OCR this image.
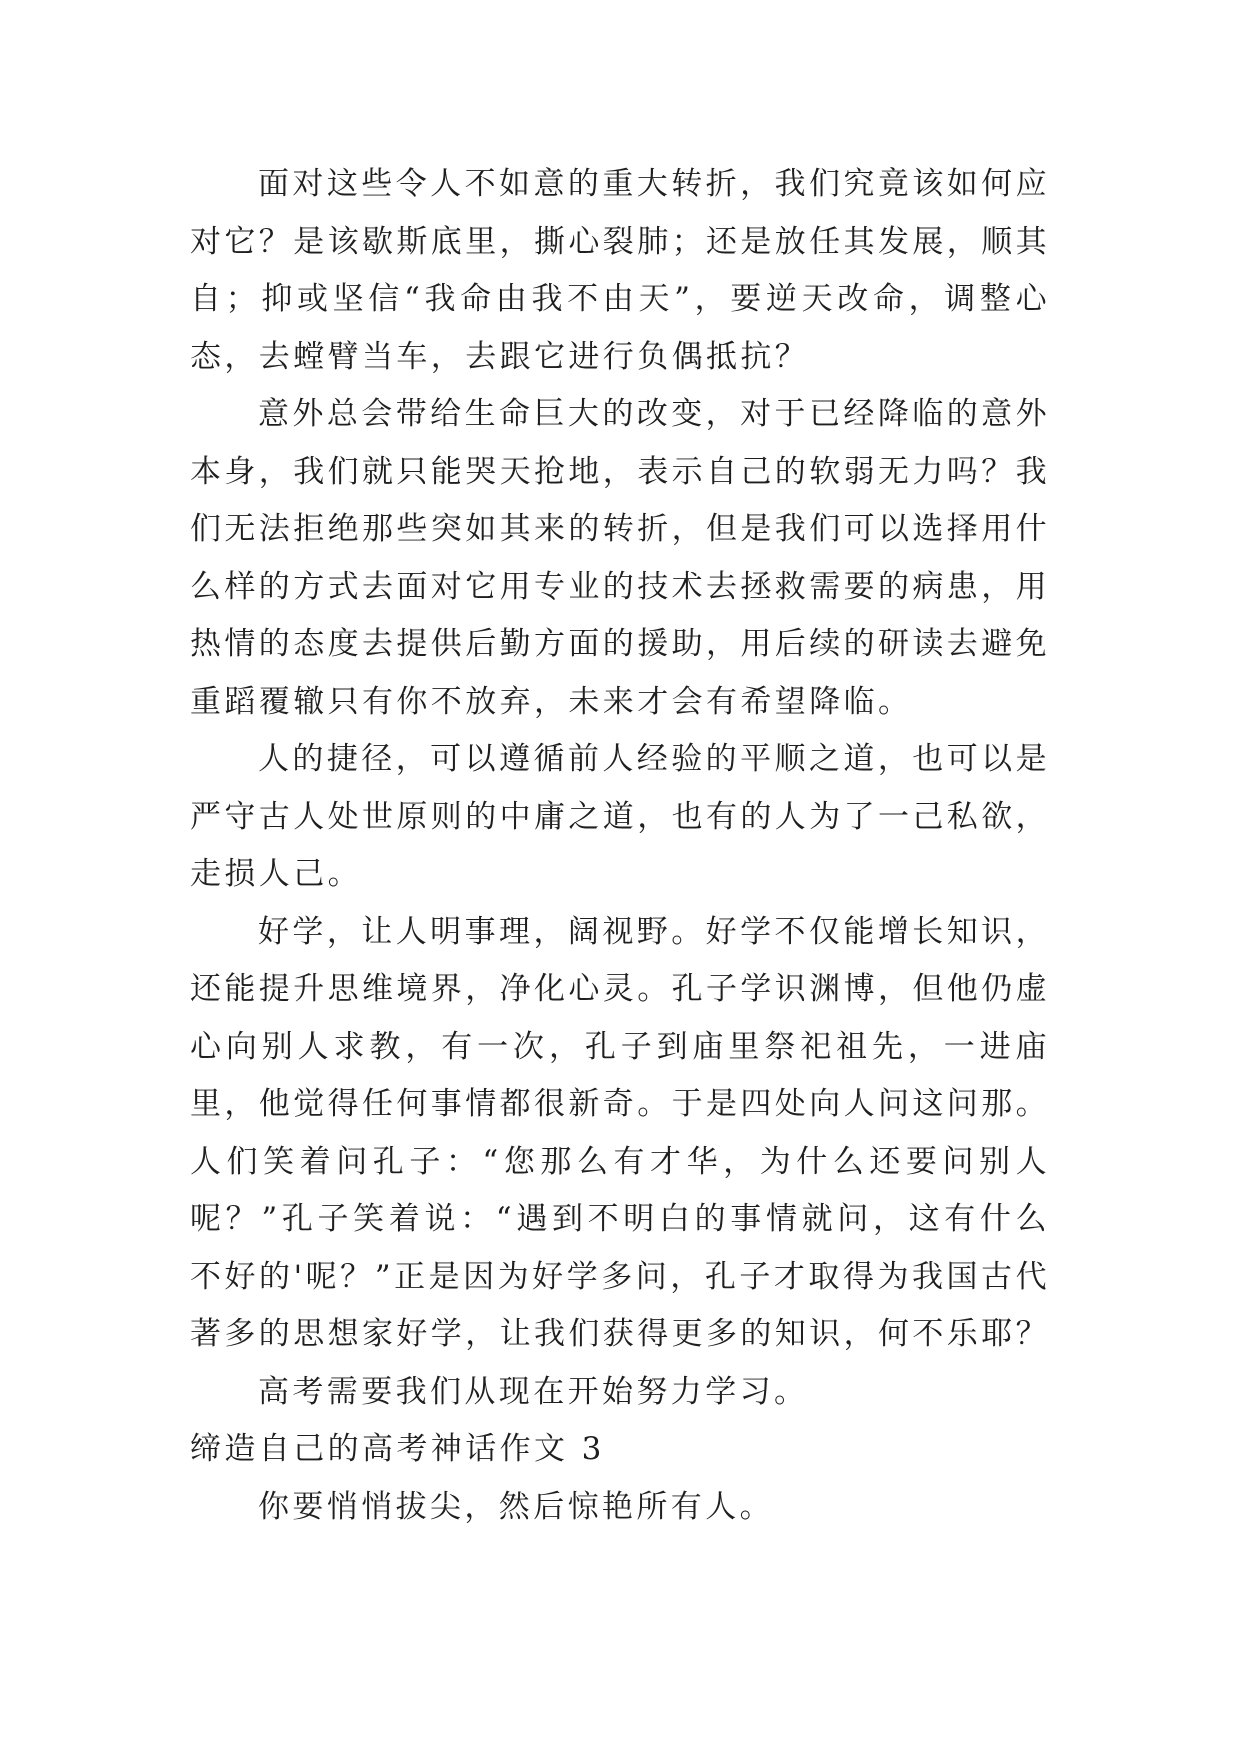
面对这些令人不如意的重大转折，我们究竟该如何应对它？是该歇斯底里，撕心裂肺；还是放任其发展，顺其自；抑或坚信“我命由我不由天”，要逆天改命，调整心态，去螳臂当车，去跟它进行负偶抵抗？

意外总会带给生命巨大的改变，对于已经降临的意外本身，我们就只能哭天抢地，表示自己的软弱无力吗？我们无法拒绝那些突如其来的转折，但是我们可以选择用什么样的方式去面对它用专业的技术去拯救需要的病患，用热情的态度去提供后勤方面的援助，用后续的研读去避免重蹈覆辙只有你不放弃，未来才会有希望降临。

人的捷径，可以遵循前人经验的平顺之道，也可以是严守古人处世原则的中庸之道，也有的人为了一己私欲，走损人己。

好学，让人明事理，阔视野。好学不仅能增长知识，还能提升思维境界，净化心灵。孔子学识渊博，但他仍虚心向别人求教，有一次，孔子到庙里祭祀祖先，一进庙里，他觉得任何事情都很新奇。于是四处向人问这问那。人们笑着问孔子：“您那么有才华，为什么还要问别人呢？”孔子笑着说：“遇到不明白的事情就问，这有什么不好的'呢？”正是因为好学多问，孔子才取得为我国古代著多的思想家好学，让我们获得更多的知识，何不乐耶？

高考需要我们从现在开始努力学习。

缔造自己的高考神话作文 3

你要悄悄拔尖，然后惊艳所有人。
